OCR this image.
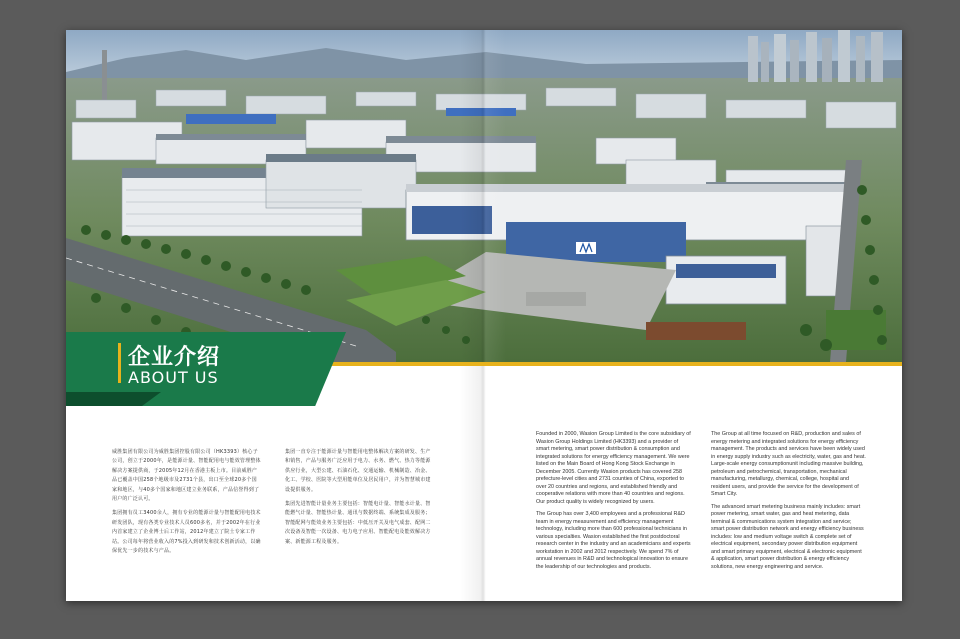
企业介绍
ABOUT US

威胜集团有限公司为威胜集团控股有限公司（HK3393）核心子公司，创立于2000年，是能源计量、智能配用电与能效管理整体解决方案提供商，于2005年12月在香港主板上市。目前威胜产品已覆盖中国258个地级市及2731个县，出口至全球20多个国家和地区，与40多个国家和地区建立业务联系，产品信誉得到了用户的广泛认可。

集团拥有员工3400余人，拥有专业的能源计量与智能配用电技术研发团队，现有各类专业技术人员600多名，并于2002年在行业内首家建立了企业博士后工作站，2012年建立了院士专家工作站。公司每年将营业收入的7%投入到研发和技术创新活动，以确保优先一步的技术与产品。

集团一直专注于能源计量与智能用电整体解决方案的研发、生产和销售，产品与服务广泛应用于电力、水务、燃气、热力等能源供应行业，大型公建、石油石化、交通运输、机械制造、冶金、化工、学校、医院等大型用能单位及居民用户，并为智慧城市建设提供服务。

集团先进智能计量业务主要包括：智能电计量、智能水计量、智能燃气计量、智能热计量、通讯与数据终端、系统集成及服务；智能配网与能效业务主要包括：中低压开关及电气成套、配网二次设备及智能一次设备、电力电子应用、智能配电及能效解决方案、新能源工程及服务。

Founded in 2000, Wasion Group Limited is the core subsidiary of Wasion Group Holdings Limited (HK3393) and a provider of smart metering, smart power distribution & consumption and integrated solutions for energy efficiency management. We were listed on the Main Board of Hong Kong Stock Exchange in December 2005. Currently Wasion products has covered 258 prefecture-level cities and 2731 counties of China, exported to over 20 countries and regions, and established friendly and cooperative relations with more than 40 countries and regions. Our product quality is widely recognized by users.

The Group has over 3,400 employees and a professional R&D team in energy measurement and efficiency management technology, including more than 600 professional technicians in various specialties. Wasion established the first postdoctoral research center in the industry and an academicians and experts workstation in 2002 and 2012 respectively. We spend 7% of annual revenues in R&D and technological innovation to ensure the leadership of our technologies and products.

The Group at all time focused on R&D, production and sales of energy metering and integrated solutions for energy efficiency management. The products and services have been widely used in energy supply industry such as electricity, water, gas and heat. Large-scale energy consumptionunit including massive building, petroleum and petrochemical, transportation, mechanical manufacturing, metallurgy, chemical, college, hospital and resident users, and provide the service for the development of Smart City.

The advanced smart metering business mainly includes: smart power metering, smart water, gas and heat metering, data terminal & communications system integration and service; smart power distribution network and energy efficiency business includes: low and medium voltage switch & complete set of electrical equipment, secondary power distribution equipment and smart primary equipment, electrical & electronic equipment & application, smart power distribution & energy efficiency solutions, new energy engineering and service.
